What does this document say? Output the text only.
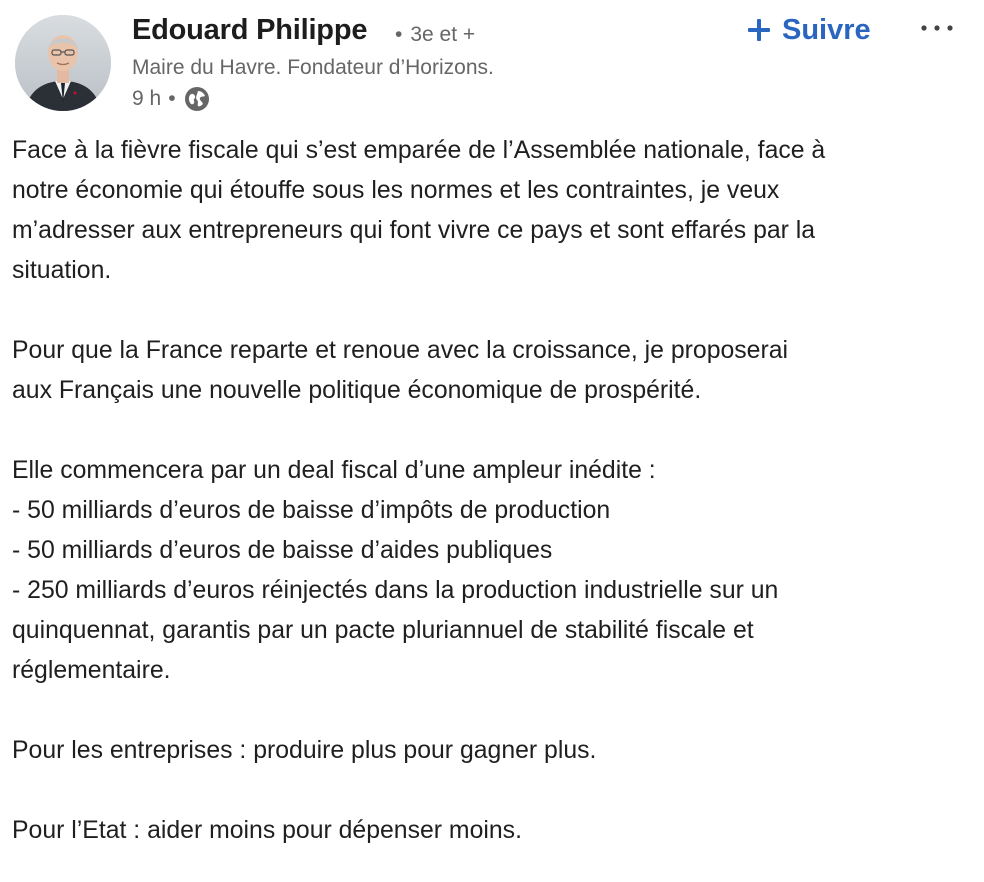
Edouard Philippe • 3e et +
Maire du Havre. Fondateur d’Horizons.
9 h •
Suivre

Face à la fièvre fiscale qui s’est emparée de l’Assemblée nationale, face à

notre économie qui étouffe sous les normes et les contraintes, je veux

m’adresser aux entrepreneurs qui font vivre ce pays et sont effarés par la

situation.

Pour que la France reparte et renoue avec la croissance, je proposerai

aux Français une nouvelle politique économique de prospérité.

Elle commencera par un deal fiscal d’une ampleur inédite :

- 50 milliards d’euros de baisse d’impôts de production

- 50 milliards d’euros de baisse d’aides publiques

- 250 milliards d’euros réinjectés dans la production industrielle sur un

quinquennat, garantis par un pacte pluriannuel de stabilité fiscale et

réglementaire.

Pour les entreprises : produire plus pour gagner plus.

Pour l’Etat : aider moins pour dépenser moins.
